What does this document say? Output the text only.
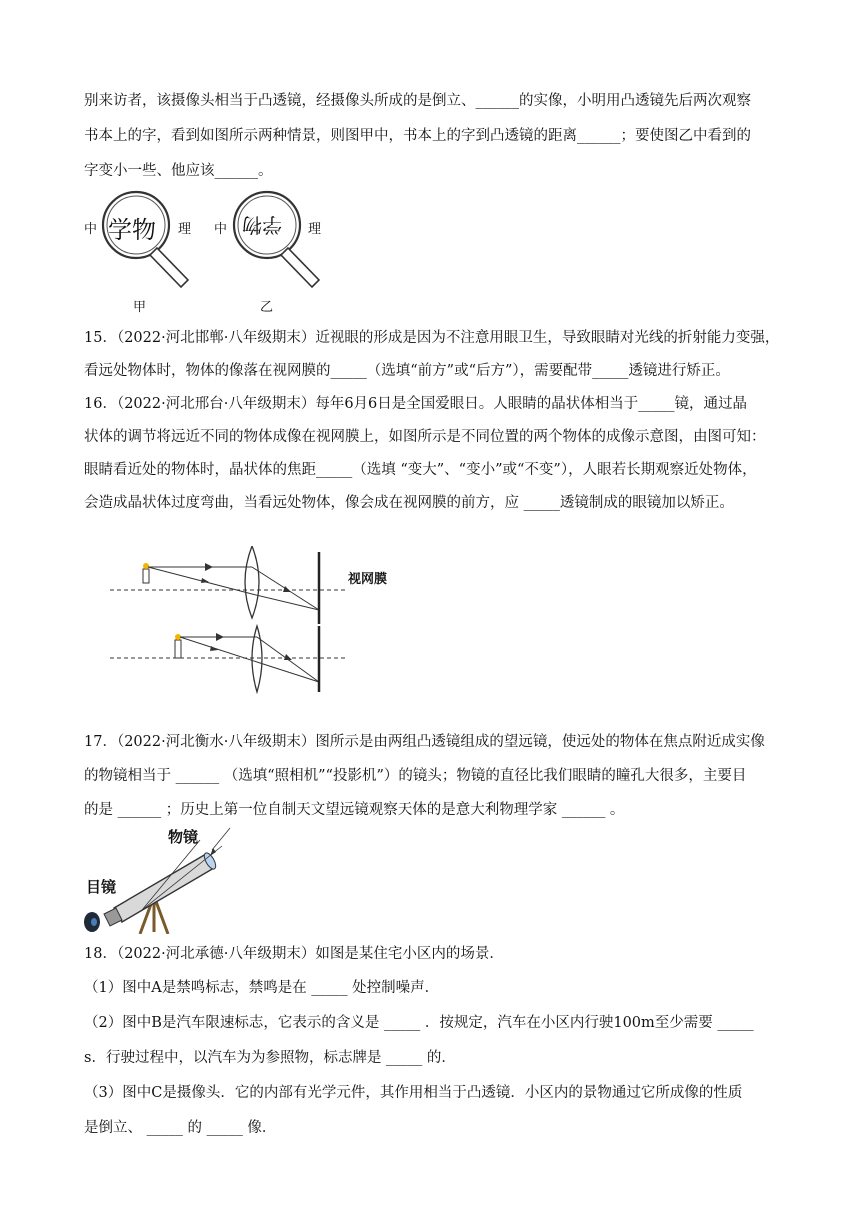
别来访者，该摄像头相当于凸透镜，经摄像头所成的是倒立、______的实像，小明用凸透镜先后两次观察
书本上的字，看到如图所示两种情景，则图甲中，书本上的字到凸透镜的距离______；要使图乙中看到的
字变小一些、他应该______。
中	理
学物	中	理
学物
甲	乙
15．（2022·河北邯郸·八年级期末）近视眼的形成是因为不注意用眼卫生，导致眼睛对光线的折射能力变强，
看远处物体时，物体的像落在视网膜的_____（选填“前方”或“后方”），需要配带_____透镜进行矫正。
16．（2022·河北邢台·八年级期末）每年6月6日是全国爱眼日。人眼睛的晶状体相当于_____镜，通过晶
状体的调节将远近不同的物体成像在视网膜上，如图所示是不同位置的两个物体的成像示意图，由图可知：
眼睛看近处的物体时，晶状体的焦距_____（选填 “变大”、“变小”或“不变”），人眼若长期观察近处物体，
会造成晶状体过度弯曲，当看远处物体，像会成在视网膜的前方，应 _____透镜制成的眼镜加以矫正。
视网膜
17．（2022·河北衡水·八年级期末）图所示是由两组凸透镜组成的望远镜，使远处的物体在焦点附近成实像
的物镜相当于 ______ （选填“照相机”“投影机”）的镜头；物镜的直径比我们眼睛的瞳孔大很多，主要目
的是 ______ ；历史上第一位自制天文望远镜观察天体的是意大利物理学家 ______ 。
物镜
目镜
18．（2022·河北承德·八年级期末）如图是某住宅小区内的场景．
（1）图中A是禁鸣标志，禁鸣是在 _____ 处控制噪声．
（2）图中B是汽车限速标志，它表示的含义是 _____ ．按规定，汽车在小区内行驶100m至少需要 _____
s．行驶过程中，以汽车为为参照物，标志牌是 _____ 的．
（3）图中C是摄像头．它的内部有光学元件，其作用相当于凸透镜．小区内的景物通过它所成像的性质
是倒立、 _____ 的 _____ 像．
